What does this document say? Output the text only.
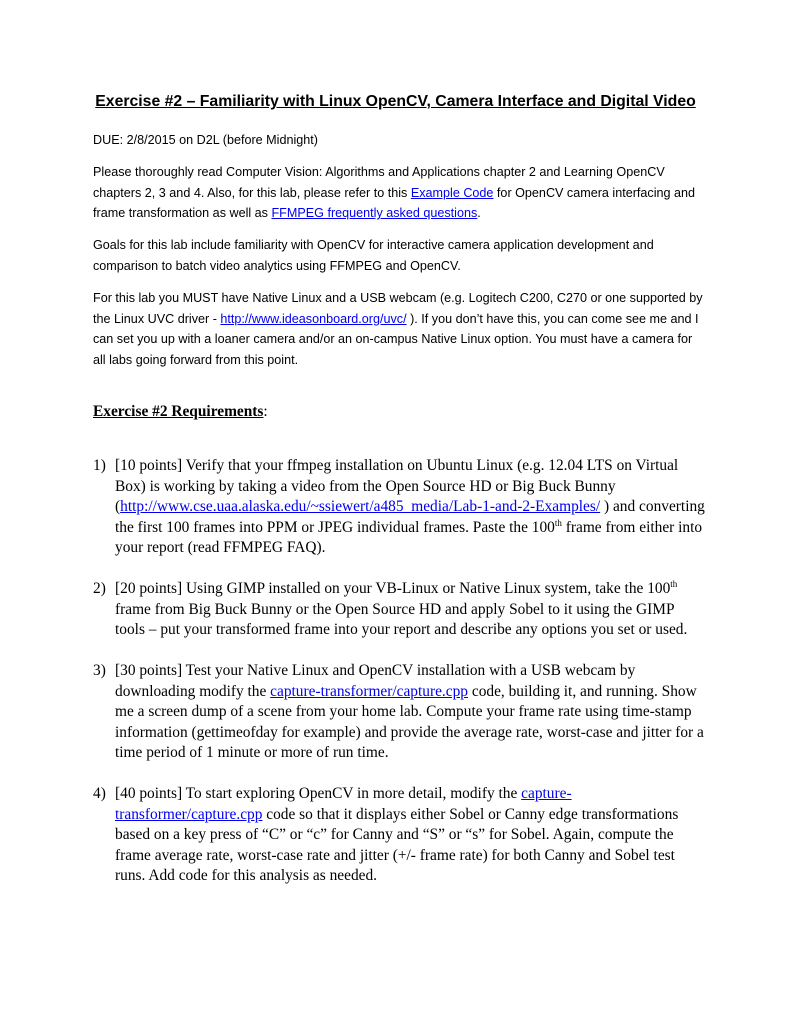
Exercise #2 – Familiarity with Linux OpenCV, Camera Interface and Digital Video
DUE: 2/8/2015 on D2L (before Midnight)
Please thoroughly read Computer Vision: Algorithms and Applications chapter 2 and Learning OpenCV chapters 2, 3 and 4. Also, for this lab, please refer to this Example Code for OpenCV camera interfacing and frame transformation as well as FFMPEG frequently asked questions.
Goals for this lab include familiarity with OpenCV for interactive camera application development and comparison to batch video analytics using FFMPEG and OpenCV.
For this lab you MUST have Native Linux and a USB webcam (e.g. Logitech C200, C270 or one supported by the Linux UVC driver - http://www.ideasonboard.org/uvc/ ). If you don’t have this, you can come see me and I can set you up with a loaner camera and/or an on-campus Native Linux option. You must have a camera for all labs going forward from this point.
Exercise #2 Requirements:
1) [10 points] Verify that your ffmpeg installation on Ubuntu Linux (e.g. 12.04 LTS on Virtual Box) is working by taking a video from the Open Source HD or Big Buck Bunny (http://www.cse.uaa.alaska.edu/~ssiewert/a485_media/Lab-1-and-2-Examples/ ) and converting the first 100 frames into PPM or JPEG individual frames. Paste the 100th frame from either into your report (read FFMPEG FAQ).
2) [20 points] Using GIMP installed on your VB-Linux or Native Linux system, take the 100th frame from Big Buck Bunny or the Open Source HD and apply Sobel to it using the GIMP tools – put your transformed frame into your report and describe any options you set or used.
3) [30 points] Test your Native Linux and OpenCV installation with a USB webcam by downloading modify the capture-transformer/capture.cpp code, building it, and running. Show me a screen dump of a scene from your home lab. Compute your frame rate using time-stamp information (gettimeofday for example) and provide the average rate, worst-case and jitter for a time period of 1 minute or more of run time.
4) [40 points] To start exploring OpenCV in more detail, modify the capture-transformer/capture.cpp code so that it displays either Sobel or Canny edge transformations based on a key press of “C” or “c” for Canny and “S” or “s” for Sobel. Again, compute the frame average rate, worst-case rate and jitter (+/- frame rate) for both Canny and Sobel test runs. Add code for this analysis as needed.
